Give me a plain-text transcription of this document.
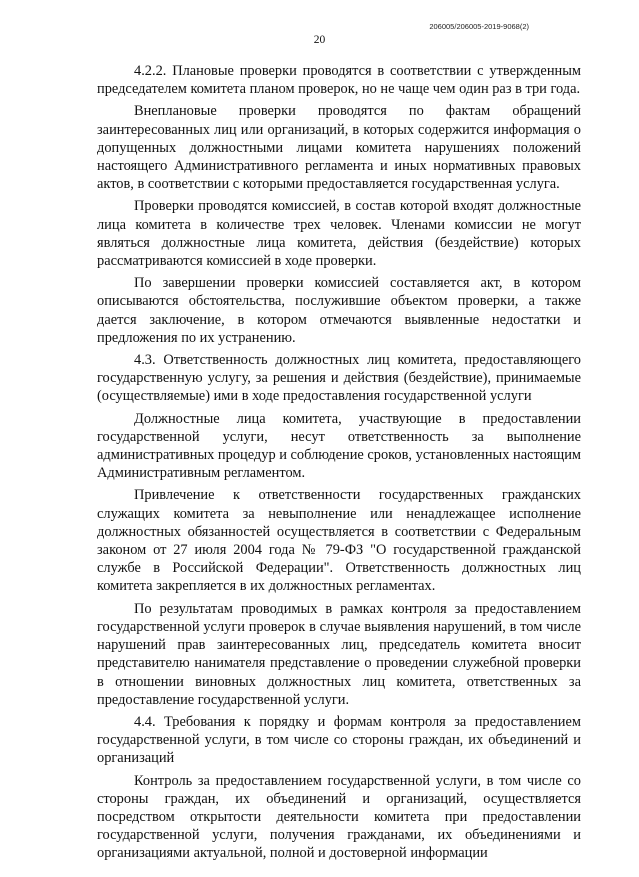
206005/206005-2019-9068(2)
20

4.2.2. Плановые проверки проводятся в соответствии с утвержденным председателем комитета планом проверок, но не чаще чем один раз в три года.

Внеплановые проверки проводятся по фактам обращений заинтересованных лиц или организаций, в которых содержится информация о допущенных должностными лицами комитета нарушениях положений настоящего Административного регламента и иных нормативных правовых актов, в соответствии с которыми предоставляется государственная услуга.

Проверки проводятся комиссией, в состав которой входят должностные лица комитета в количестве трех человек. Членами комиссии не могут являться должностные лица комитета, действия (бездействие) которых рассматриваются комиссией в ходе проверки.

По завершении проверки комиссией составляется акт, в котором описываются обстоятельства, послужившие объектом проверки, а также дается заключение, в котором отмечаются выявленные недостатки и предложения по их устранению.

4.3. Ответственность должностных лиц комитета, предоставляющего государственную услугу, за решения и действия (бездействие), принимаемые (осуществляемые) ими в ходе предоставления государственной услуги

Должностные лица комитета, участвующие в предоставлении государственной услуги, несут ответственность за выполнение административных процедур и соблюдение сроков, установленных настоящим Административным регламентом.

Привлечение к ответственности государственных гражданских служащих комитета за невыполнение или ненадлежащее исполнение должностных обязанностей осуществляется в соответствии с Федеральным законом от 27 июля 2004 года № 79-ФЗ "О государственной гражданской службе в Российской Федерации". Ответственность должностных лиц комитета закрепляется в их должностных регламентах.

По результатам проводимых в рамках контроля за предоставлением государственной услуги проверок в случае выявления нарушений, в том числе нарушений прав заинтересованных лиц, председатель комитета вносит представителю нанимателя представление о проведении служебной проверки в отношении виновных должностных лиц комитета, ответственных за предоставление государственной услуги.

4.4. Требования к порядку и формам контроля за предоставлением государственной услуги, в том числе со стороны граждан, их объединений и организаций

Контроль за предоставлением государственной услуги, в том числе со стороны граждан, их объединений и организаций, осуществляется посредством открытости деятельности комитета при предоставлении государственной услуги, получения гражданами, их объединениями и организациями актуальной, полной и достоверной информации
